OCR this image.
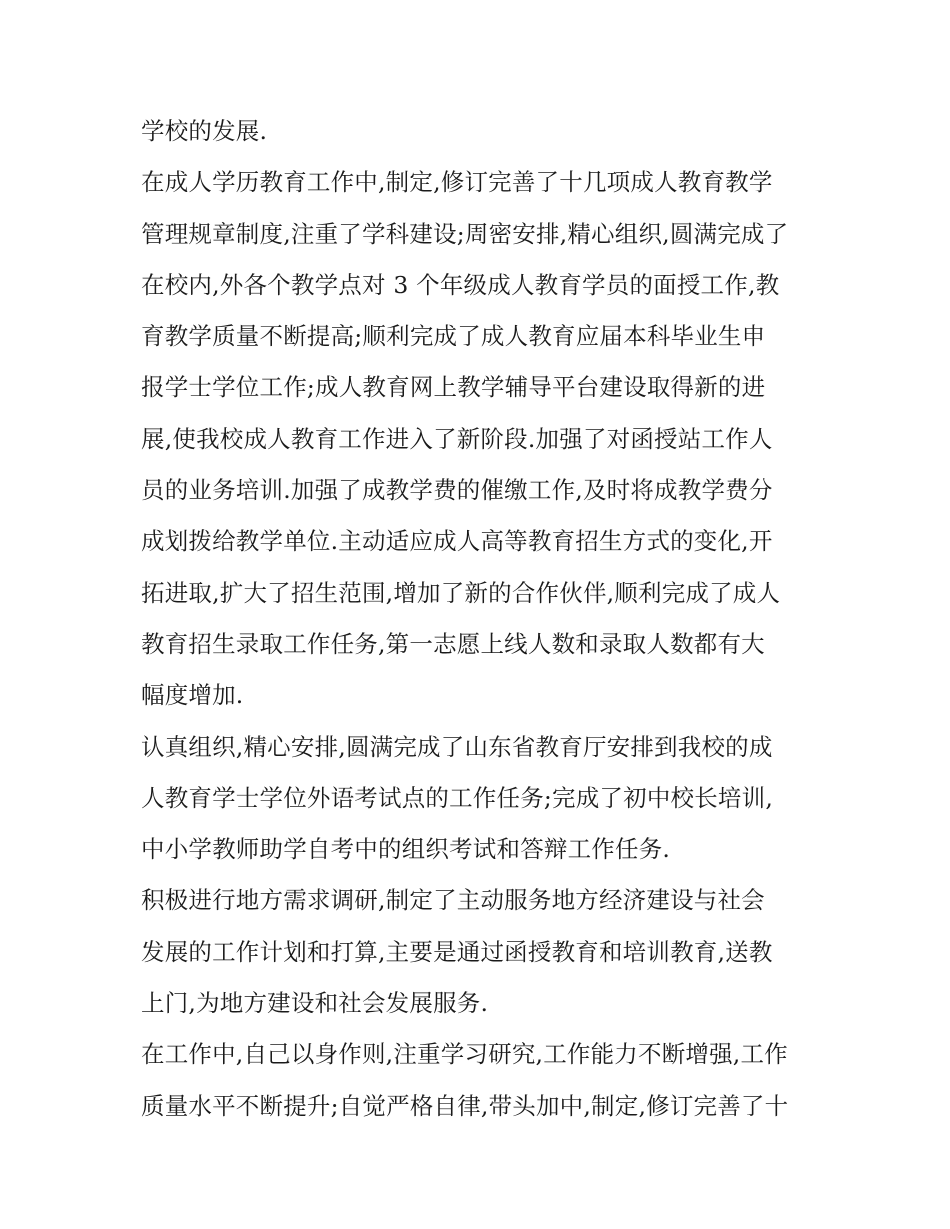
学校的发展.
在成人学历教育工作中,制定,修订完善了十几项成人教育教学
管理规章制度,注重了学科建设;周密安排,精心组织,圆满完成了
在校内,外各个教学点对 3 个年级成人教育学员的面授工作,教
育教学质量不断提高;顺利完成了成人教育应届本科毕业生申
报学士学位工作;成人教育网上教学辅导平台建设取得新的进
展,使我校成人教育工作进入了新阶段.加强了对函授站工作人
员的业务培训.加强了成教学费的催缴工作,及时将成教学费分
成划拨给教学单位.主动适应成人高等教育招生方式的变化,开
拓进取,扩大了招生范围,增加了新的合作伙伴,顺利完成了成人
教育招生录取工作任务,第一志愿上线人数和录取人数都有大
幅度增加.
认真组织,精心安排,圆满完成了山东省教育厅安排到我校的成
人教育学士学位外语考试点的工作任务;完成了初中校长培训,
中小学教师助学自考中的组织考试和答辩工作任务.
积极进行地方需求调研,制定了主动服务地方经济建设与社会
发展的工作计划和打算,主要是通过函授教育和培训教育,送教
上门,为地方建设和社会发展服务.
在工作中,自己以身作则,注重学习研究,工作能力不断增强,工作
质量水平不断提升;自觉严格自律,带头加中,制定,修订完善了十
